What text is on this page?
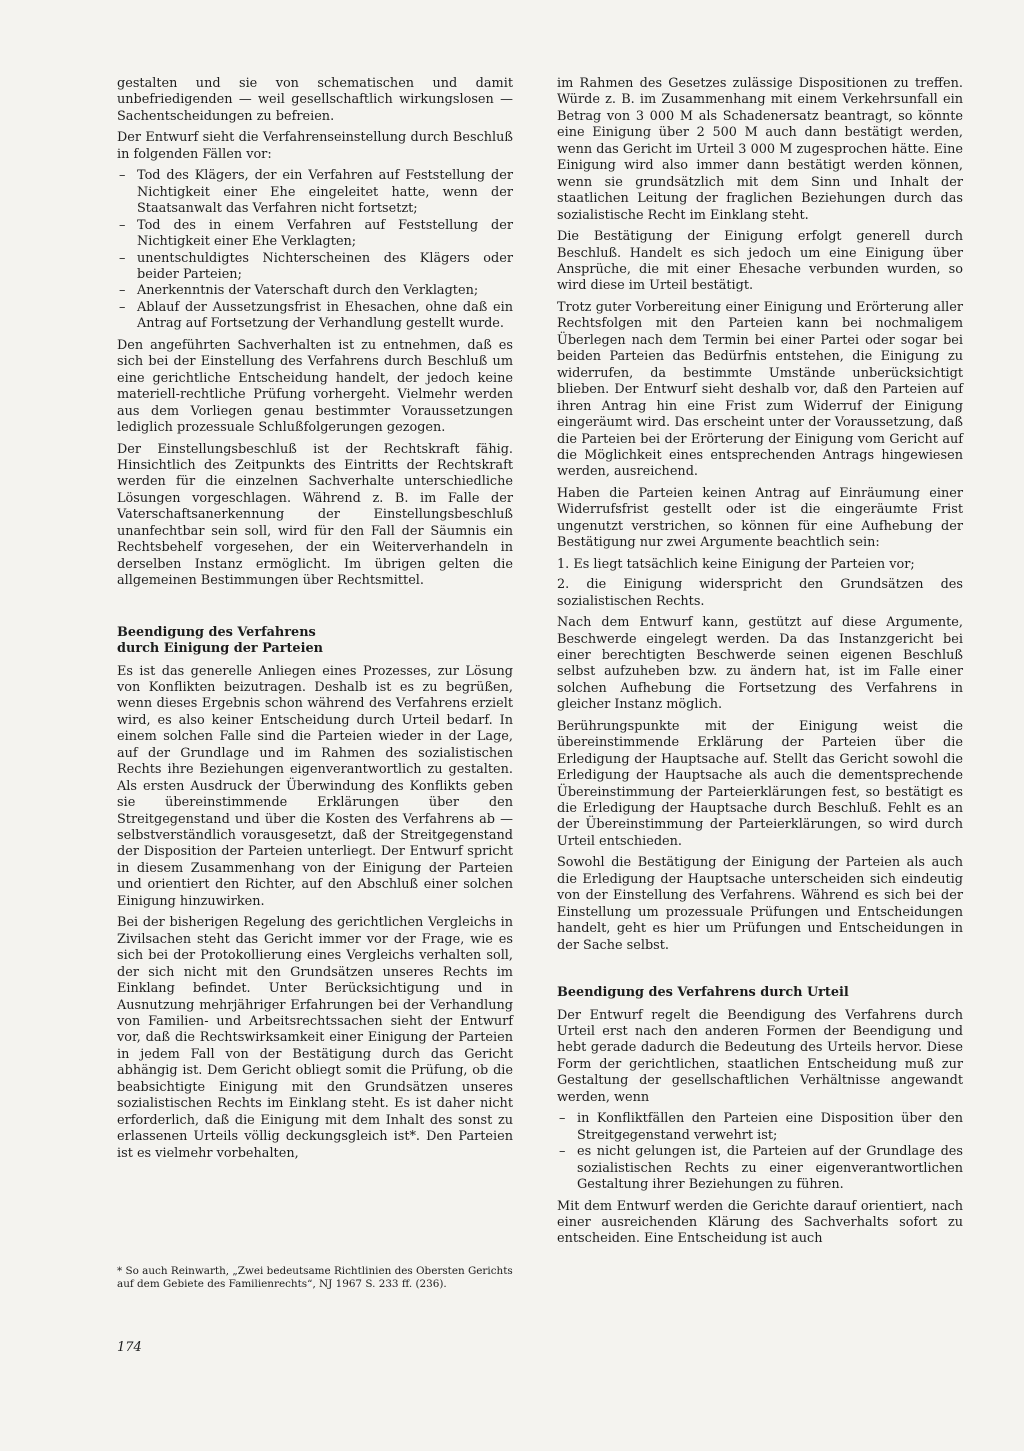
gestalten und sie von schematischen und damit unbefriedigenden — weil gesellschaftlich wirkungslosen — Sachentscheidungen zu befreien.

Der Entwurf sieht die Verfahrenseinstellung durch Beschluß in folgenden Fällen vor:

– Tod des Klägers, der ein Verfahren auf Feststellung der Nichtigkeit einer Ehe eingeleitet hatte, wenn der Staatsanwalt das Verfahren nicht fortsetzt;
– Tod des in einem Verfahren auf Feststellung der Nichtigkeit einer Ehe Verklagten;
– unentschuldigtes Nichterscheinen des Klägers oder beider Parteien;
– Anerkenntnis der Vaterschaft durch den Verklagten;
– Ablauf der Aussetzungsfrist in Ehesachen, ohne daß ein Antrag auf Fortsetzung der Verhandlung gestellt wurde.

Den angeführten Sachverhalten ist zu entnehmen, daß es sich bei der Einstellung des Verfahrens durch Beschluß um eine gerichtliche Entscheidung handelt, der jedoch keine materiell-rechtliche Prüfung vorhergeht. Vielmehr werden aus dem Vorliegen genau bestimmter Voraussetzungen lediglich prozessuale Schlußfolgerungen gezogen.

Der Einstellungsbeschluß ist der Rechtskraft fähig. Hinsichtlich des Zeitpunkts des Eintritts der Rechtskraft werden für die einzelnen Sachverhalte unterschiedliche Lösungen vorgeschlagen. Während z. B. im Falle der Vaterschaftsanerkennung der Einstellungsbeschluß unanfechtbar sein soll, wird für den Fall der Säumnis ein Rechtsbehelf vorgesehen, der ein Weiterverhandeln in derselben Instanz ermöglicht. Im übrigen gelten die allgemeinen Bestimmungen über Rechtsmittel.

Beendigung des Verfahrens
durch Einigung der Parteien

Es ist das generelle Anliegen eines Prozesses, zur Lösung von Konflikten beizutragen. Deshalb ist es zu begrüßen, wenn dieses Ergebnis schon während des Verfahrens erzielt wird, es also keiner Entscheidung durch Urteil bedarf. In einem solchen Falle sind die Parteien wieder in der Lage, auf der Grundlage und im Rahmen des sozialistischen Rechts ihre Beziehungen eigenverantwortlich zu gestalten. Als ersten Ausdruck der Überwindung des Konflikts geben sie übereinstimmende Erklärungen über den Streitgegenstand und über die Kosten des Verfahrens ab — selbstverständlich vorausgesetzt, daß der Streitgegenstand der Disposition der Parteien unterliegt. Der Entwurf spricht in diesem Zusammenhang von der Einigung der Parteien und orientiert den Richter, auf den Abschluß einer solchen Einigung hinzuwirken.

Bei der bisherigen Regelung des gerichtlichen Vergleichs in Zivilsachen steht das Gericht immer vor der Frage, wie es sich bei der Protokollierung eines Vergleichs verhalten soll, der sich nicht mit den Grundsätzen unseres Rechts im Einklang befindet. Unter Berücksichtigung und in Ausnutzung mehrjähriger Erfahrungen bei der Verhandlung von Familien- und Arbeitsrechtssachen sieht der Entwurf vor, daß die Rechtswirksamkeit einer Einigung der Parteien in jedem Fall von der Bestätigung durch das Gericht abhängig ist. Dem Gericht obliegt somit die Prüfung, ob die beabsichtigte Einigung mit den Grundsätzen unseres sozialistischen Rechts im Einklang steht. Es ist daher nicht erforderlich, daß die Einigung mit dem Inhalt des sonst zu erlassenen Urteils völlig deckungsgleich ist*. Den Parteien ist es vielmehr vorbehalten,

* So auch Reinwarth, „Zwei bedeutsame Richtlinien des Obersten Gerichts auf dem Gebiete des Familienrechts“, NJ 1967 S. 233 ff. (236).

174

im Rahmen des Gesetzes zulässige Dispositionen zu treffen. Würde z. B. im Zusammenhang mit einem Verkehrsunfall ein Betrag von 3 000 M als Schadenersatz beantragt, so könnte eine Einigung über 2 500 M auch dann bestätigt werden, wenn das Gericht im Urteil 3 000 M zugesprochen hätte. Eine Einigung wird also immer dann bestätigt werden können, wenn sie grundsätzlich mit dem Sinn und Inhalt der staatlichen Leitung der fraglichen Beziehungen durch das sozialistische Recht im Einklang steht.

Die Bestätigung der Einigung erfolgt generell durch Beschluß. Handelt es sich jedoch um eine Einigung über Ansprüche, die mit einer Ehesache verbunden wurden, so wird diese im Urteil bestätigt.

Trotz guter Vorbereitung einer Einigung und Erörterung aller Rechtsfolgen mit den Parteien kann bei nochmaligem Überlegen nach dem Termin bei einer Partei oder sogar bei beiden Parteien das Bedürfnis entstehen, die Einigung zu widerrufen, da bestimmte Umstände unberücksichtigt blieben. Der Entwurf sieht deshalb vor, daß den Parteien auf ihren Antrag hin eine Frist zum Widerruf der Einigung eingeräumt wird. Das erscheint unter der Voraussetzung, daß die Parteien bei der Erörterung der Einigung vom Gericht auf die Möglichkeit eines entsprechenden Antrags hingewiesen werden, ausreichend.

Haben die Parteien keinen Antrag auf Einräumung einer Widerrufsfrist gestellt oder ist die eingeräumte Frist ungenutzt verstrichen, so können für eine Aufhebung der Bestätigung nur zwei Argumente beachtlich sein:

1. Es liegt tatsächlich keine Einigung der Parteien vor;
2. die Einigung widerspricht den Grundsätzen des sozialistischen Rechts.

Nach dem Entwurf kann, gestützt auf diese Argumente, Beschwerde eingelegt werden. Da das Instanzgericht bei einer berechtigten Beschwerde seinen eigenen Beschluß selbst aufzuheben bzw. zu ändern hat, ist im Falle einer solchen Aufhebung die Fortsetzung des Verfahrens in gleicher Instanz möglich.

Berührungspunkte mit der Einigung weist die übereinstimmende Erklärung der Parteien über die Erledigung der Hauptsache auf. Stellt das Gericht sowohl die Erledigung der Hauptsache als auch die dementsprechende Übereinstimmung der Parteierklärungen fest, so bestätigt es die Erledigung der Hauptsache durch Beschluß. Fehlt es an der Übereinstimmung der Parteierklärungen, so wird durch Urteil entschieden.

Sowohl die Bestätigung der Einigung der Parteien als auch die Erledigung der Hauptsache unterscheiden sich eindeutig von der Einstellung des Verfahrens. Während es sich bei der Einstellung um prozessuale Prüfungen und Entscheidungen handelt, geht es hier um Prüfungen und Entscheidungen in der Sache selbst.

Beendigung des Verfahrens durch Urteil

Der Entwurf regelt die Beendigung des Verfahrens durch Urteil erst nach den anderen Formen der Beendigung und hebt gerade dadurch die Bedeutung des Urteils hervor. Diese Form der gerichtlichen, staatlichen Entscheidung muß zur Gestaltung der gesellschaftlichen Verhältnisse angewandt werden, wenn

– in Konfliktfällen den Parteien eine Disposition über den Streitgegenstand verwehrt ist;
– es nicht gelungen ist, die Parteien auf der Grundlage des sozialistischen Rechts zu einer eigenverantwortlichen Gestaltung ihrer Beziehungen zu führen.

Mit dem Entwurf werden die Gerichte darauf orientiert, nach einer ausreichenden Klärung des Sachverhalts sofort zu entscheiden. Eine Entscheidung ist auch
